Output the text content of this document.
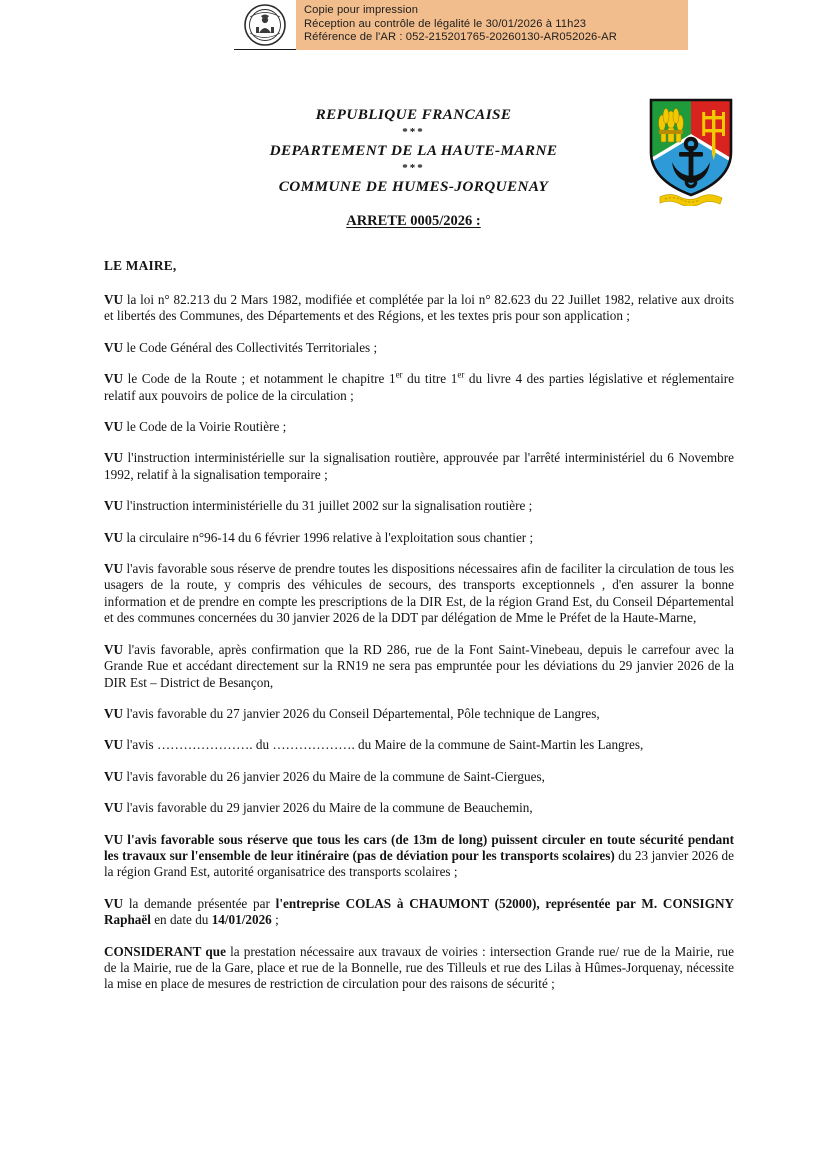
Copie pour impression
Réception au contrôle de légalité le 30/01/2026 à 11h23
Référence de l'AR : 052-215201765-20260130-AR052026-AR
REPUBLIQUE FRANCAISE
***
DEPARTEMENT DE LA HAUTE-MARNE
***
COMMUNE DE HUMES-JORQUENAY
ARRETE 0005/2026 :
LE MAIRE,

VU la loi n° 82.213 du 2 Mars 1982, modifiée et complétée par la loi n° 82.623 du 22 Juillet 1982, relative aux droits et libertés des Communes, des Départements et des Régions, et les textes pris pour son application ;

VU le Code Général des Collectivités Territoriales ;

VU le Code de la Route ; et notamment le chapitre 1er du titre 1er du livre 4 des parties législative et réglementaire relatif aux pouvoirs de police de la circulation ;

VU le Code de la Voirie Routière ;

VU l'instruction interministérielle sur la signalisation routière, approuvée par l'arrêté interministériel du 6 Novembre 1992, relatif à la signalisation temporaire ;

VU l'instruction interministérielle du 31 juillet 2002 sur la signalisation routière ;

VU la circulaire n°96-14 du 6 février 1996 relative à l'exploitation sous chantier ;

VU l'avis favorable sous réserve de prendre toutes les dispositions nécessaires afin de faciliter la circulation de tous les usagers de la route, y compris des véhicules de secours, des transports exceptionnels , d'en assurer la bonne information et de prendre en compte les prescriptions de la DIR Est, de la région Grand Est, du Conseil Départemental et des communes concernées du 30 janvier 2026 de la DDT par délégation de Mme le Préfet de la Haute-Marne,

VU l'avis favorable, après confirmation que la RD 286, rue de la Font Saint-Vinebeau, depuis le carrefour avec la Grande Rue et accédant directement sur la RN19 ne sera pas empruntée pour les déviations du 29 janvier 2026 de la DIR Est – District de Besançon,

VU l'avis favorable du 27 janvier 2026 du Conseil Départemental, Pôle technique de Langres,

VU l'avis …………………. du ………………. du Maire de la commune de Saint-Martin les Langres,

VU l'avis favorable du 26 janvier 2026 du Maire de la commune de Saint-Ciergues,

VU l'avis favorable du 29 janvier 2026 du Maire de la commune de Beauchemin,

VU l'avis favorable sous réserve que tous les cars (de 13m de long) puissent circuler en toute sécurité pendant les travaux sur l'ensemble de leur itinéraire (pas de déviation pour les transports scolaires) du 23 janvier 2026 de la région Grand Est, autorité organisatrice des transports scolaires ;

VU la demande présentée par l'entreprise COLAS à CHAUMONT (52000), représentée par M. CONSIGNY Raphaël en date du 14/01/2026 ;

CONSIDERANT que la prestation nécessaire aux travaux de voiries : intersection Grande rue/ rue de la Mairie, rue de la Mairie, rue de la Gare, place et rue de la Bonnelle, rue des Tilleuls et rue des Lilas à Hûmes-Jorquenay, nécessite la mise en place de mesures de restriction de circulation pour des raisons de sécurité ;
